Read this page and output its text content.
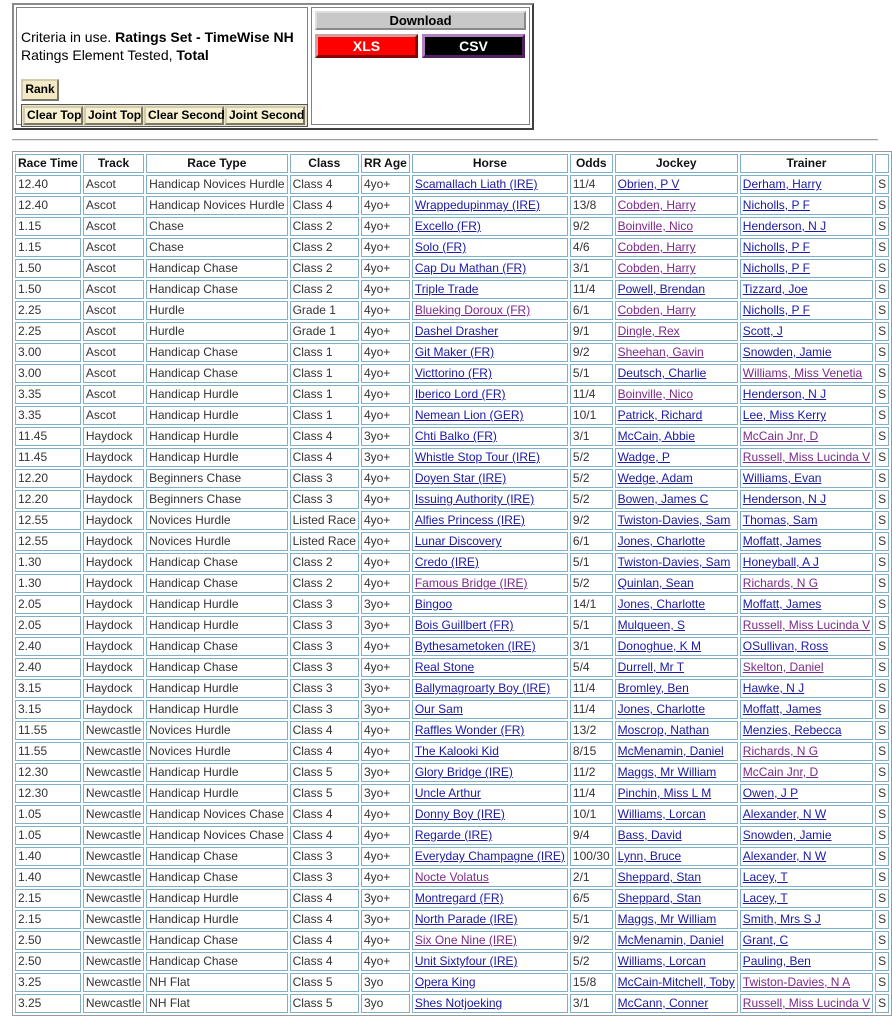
Criteria in use. Ratings Set - TimeWise NH
Ratings Element Tested, Total
Rank
Clear Top Joint Top Clear Second Joint Second
Download
XLS	CSV
Race Time	Track	Race Type	Class	RR Age	Horse	Odds	Jockey	Trainer	
12.40	Ascot	Handicap Novices Hurdle	Class 4	4yo+	Scamallach Liath (IRE)	11/4	Obrien, P V	Derham, Harry	S
12.40	Ascot	Handicap Novices Hurdle	Class 4	4yo+	Wrappedupinmay (IRE)	13/8	Cobden, Harry	Nicholls, P F	S
1.15	Ascot	Chase	Class 2	4yo+	Excello (FR)	9/2	Boinville, Nico	Henderson, N J	S
1.15	Ascot	Chase	Class 2	4yo+	Solo (FR)	4/6	Cobden, Harry	Nicholls, P F	S
1.50	Ascot	Handicap Chase	Class 2	4yo+	Cap Du Mathan (FR)	3/1	Cobden, Harry	Nicholls, P F	S
1.50	Ascot	Handicap Chase	Class 2	4yo+	Triple Trade	11/4	Powell, Brendan	Tizzard, Joe	S
2.25	Ascot	Hurdle	Grade 1	4yo+	Blueking Doroux (FR)	6/1	Cobden, Harry	Nicholls, P F	S
2.25	Ascot	Hurdle	Grade 1	4yo+	Dashel Drasher	9/1	Dingle, Rex	Scott, J	S
3.00	Ascot	Handicap Chase	Class 1	4yo+	Git Maker (FR)	9/2	Sheehan, Gavin	Snowden, Jamie	S
3.00	Ascot	Handicap Chase	Class 1	4yo+	Victtorino (FR)	5/1	Deutsch, Charlie	Williams, Miss Venetia	S
3.35	Ascot	Handicap Hurdle	Class 1	4yo+	Iberico Lord (FR)	11/4	Boinville, Nico	Henderson, N J	S
3.35	Ascot	Handicap Hurdle	Class 1	4yo+	Nemean Lion (GER)	10/1	Patrick, Richard	Lee, Miss Kerry	S
11.45	Haydock	Handicap Hurdle	Class 4	3yo+	Chti Balko (FR)	3/1	McCain, Abbie	McCain Jnr, D	S
11.45	Haydock	Handicap Hurdle	Class 4	3yo+	Whistle Stop Tour (IRE)	5/2	Wadge, P	Russell, Miss Lucinda V	S
12.20	Haydock	Beginners Chase	Class 3	4yo+	Doyen Star (IRE)	5/2	Wedge, Adam	Williams, Evan	S
12.20	Haydock	Beginners Chase	Class 3	4yo+	Issuing Authority (IRE)	5/2	Bowen, James C	Henderson, N J	S
12.55	Haydock	Novices Hurdle	Listed Race	4yo+	Alfies Princess (IRE)	9/2	Twiston-Davies, Sam	Thomas, Sam	S
12.55	Haydock	Novices Hurdle	Listed Race	4yo+	Lunar Discovery	6/1	Jones, Charlotte	Moffatt, James	S
1.30	Haydock	Handicap Chase	Class 2	4yo+	Credo (IRE)	5/1	Twiston-Davies, Sam	Honeyball, A J	S
1.30	Haydock	Handicap Chase	Class 2	4yo+	Famous Bridge (IRE)	5/2	Quinlan, Sean	Richards, N G	S
2.05	Haydock	Handicap Hurdle	Class 3	3yo+	Bingoo	14/1	Jones, Charlotte	Moffatt, James	S
2.05	Haydock	Handicap Hurdle	Class 3	3yo+	Bois Guillbert (FR)	5/1	Mulqueen, S	Russell, Miss Lucinda V	S
2.40	Haydock	Handicap Chase	Class 3	4yo+	Bythesametoken (IRE)	3/1	Donoghue, K M	OSullivan, Ross	S
2.40	Haydock	Handicap Chase	Class 3	4yo+	Real Stone	5/4	Durrell, Mr T	Skelton, Daniel	S
3.15	Haydock	Handicap Hurdle	Class 3	3yo+	Ballymagroarty Boy (IRE)	11/4	Bromley, Ben	Hawke, N J	S
3.15	Haydock	Handicap Hurdle	Class 3	3yo+	Our Sam	11/4	Jones, Charlotte	Moffatt, James	S
11.55	Newcastle	Novices Hurdle	Class 4	4yo+	Raffles Wonder (FR)	13/2	Moscrop, Nathan	Menzies, Rebecca	S
11.55	Newcastle	Novices Hurdle	Class 4	4yo+	The Kalooki Kid	8/15	McMenamin, Daniel	Richards, N G	S
12.30	Newcastle	Handicap Hurdle	Class 5	3yo+	Glory Bridge (IRE)	11/2	Maggs, Mr William	McCain Jnr, D	S
12.30	Newcastle	Handicap Hurdle	Class 5	3yo+	Uncle Arthur	11/4	Pinchin, Miss L M	Owen, J P	S
1.05	Newcastle	Handicap Novices Chase	Class 4	4yo+	Donny Boy (IRE)	10/1	Williams, Lorcan	Alexander, N W	S
1.05	Newcastle	Handicap Novices Chase	Class 4	4yo+	Regarde (IRE)	9/4	Bass, David	Snowden, Jamie	S
1.40	Newcastle	Handicap Chase	Class 3	4yo+	Everyday Champagne (IRE)	100/30	Lynn, Bruce	Alexander, N W	S
1.40	Newcastle	Handicap Chase	Class 3	4yo+	Nocte Volatus	2/1	Sheppard, Stan	Lacey, T	S
2.15	Newcastle	Handicap Hurdle	Class 4	3yo+	Montregard (FR)	6/5	Sheppard, Stan	Lacey, T	S
2.15	Newcastle	Handicap Hurdle	Class 4	3yo+	North Parade (IRE)	5/1	Maggs, Mr William	Smith, Mrs S J	S
2.50	Newcastle	Handicap Chase	Class 4	4yo+	Six One Nine (IRE)	9/2	McMenamin, Daniel	Grant, C	S
2.50	Newcastle	Handicap Chase	Class 4	4yo+	Unit Sixtyfour (IRE)	5/2	Williams, Lorcan	Pauling, Ben	S
3.25	Newcastle	NH Flat	Class 5	3yo	Opera King	15/8	McCain-Mitchell, Toby	Twiston-Davies, N A	S
3.25	Newcastle	NH Flat	Class 5	3yo	Shes Notjoeking	3/1	McCann, Conner	Russell, Miss Lucinda V	S
